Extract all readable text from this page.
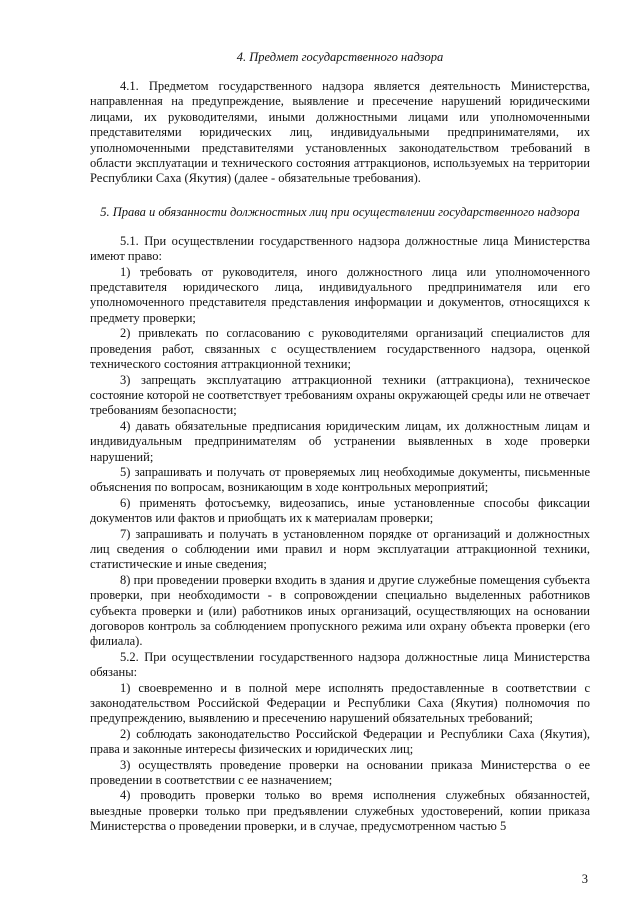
4. Предмет государственного надзора

4.1. Предметом государственного надзора является деятельность Министерства, направленная на предупреждение, выявление и пресечение нарушений юридическими лицами, их руководителями, иными должностными лицами или уполномоченными представителями юридических лиц, индивидуальными предпринимателями, их уполномоченными представителями установленных законодательством требований в области эксплуатации и технического состояния аттракционов, используемых на территории Республики Саха (Якутия) (далее - обязательные требования).

5. Права и обязанности должностных лиц при осуществлении государственного надзора

5.1. При осуществлении государственного надзора должностные лица Министерства имеют право:

1) требовать от руководителя, иного должностного лица или уполномоченного представителя юридического лица, индивидуального предпринимателя или его уполномоченного представителя представления информации и документов, относящихся к предмету проверки;

2) привлекать по согласованию с руководителями организаций специалистов для проведения работ, связанных с осуществлением государственного надзора, оценкой технического состояния аттракционной техники;

3) запрещать эксплуатацию аттракционной техники (аттракциона), техническое состояние которой не соответствует требованиям охраны окружающей среды или не отвечает требованиям безопасности;

4) давать обязательные предписания юридическим лицам, их должностным лицам и индивидуальным предпринимателям об устранении выявленных в ходе проверки нарушений;

5) запрашивать и получать от проверяемых лиц необходимые документы, письменные объяснения по вопросам, возникающим в ходе контрольных мероприятий;

6) применять фотосъемку, видеозапись, иные установленные способы фиксации документов или фактов и приобщать их к материалам проверки;

7) запрашивать и получать в установленном порядке от организаций и должностных лиц сведения о соблюдении ими правил и норм эксплуатации аттракционной техники, статистические и иные сведения;

8) при проведении проверки входить в здания и другие служебные помещения субъекта проверки, при необходимости - в сопровождении специально выделенных работников субъекта проверки и (или) работников иных организаций, осуществляющих на основании договоров контроль за соблюдением пропускного режима или охрану объекта проверки (его филиала).

5.2. При осуществлении государственного надзора должностные лица Министерства обязаны:

1) своевременно и в полной мере исполнять предоставленные в соответствии с законодательством Российской Федерации и Республики Саха (Якутия) полномочия по предупреждению, выявлению и пресечению нарушений обязательных требований;

2) соблюдать законодательство Российской Федерации и Республики Саха (Якутия), права и законные интересы физических и юридических лиц;

3) осуществлять проведение проверки на основании приказа Министерства о ее проведении в соответствии с ее назначением;

4) проводить проверки только во время исполнения служебных обязанностей, выездные проверки только при предъявлении служебных удостоверений, копии приказа Министерства о проведении проверки, и в случае, предусмотренном частью 5

3
